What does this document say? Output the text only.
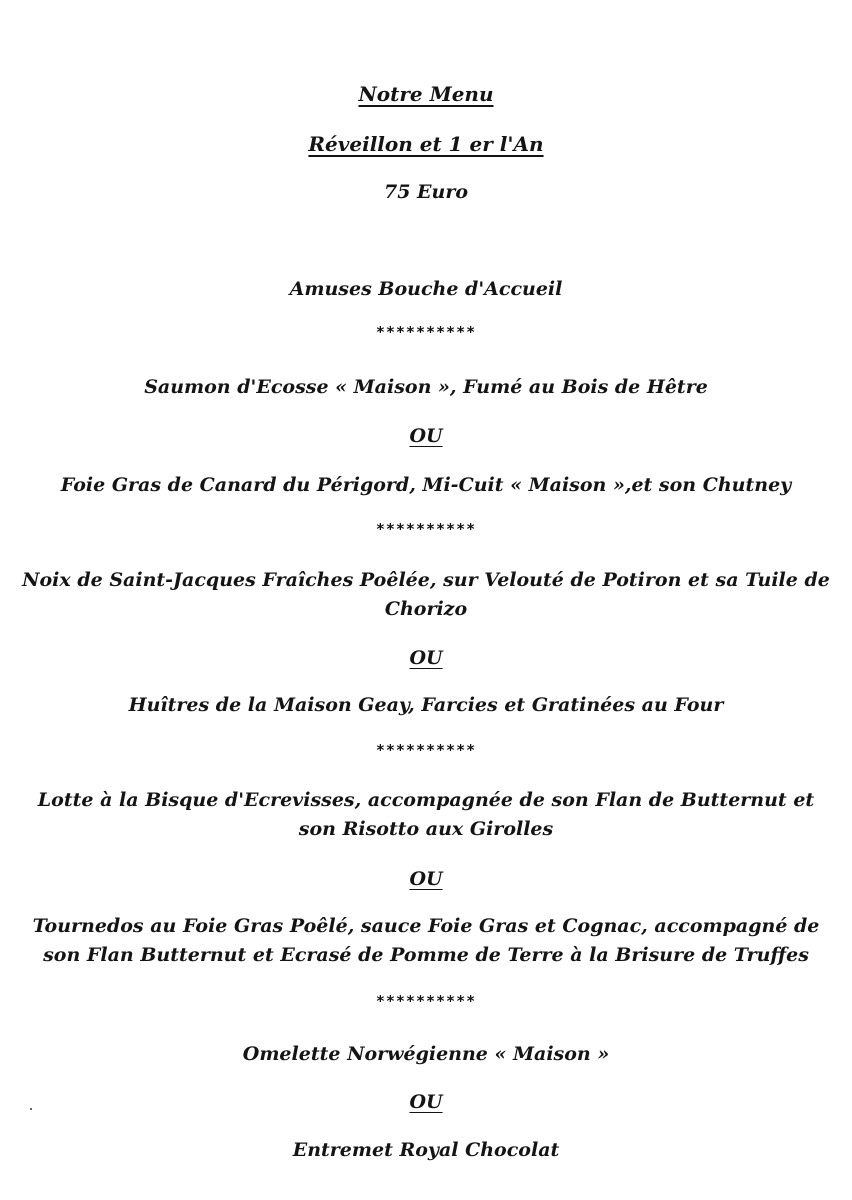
Notre Menu
Réveillon et 1 er l'An
75 Euro
Amuses Bouche d'Accueil
**********
Saumon d'Ecosse « Maison », Fumé au Bois de Hêtre
OU
Foie Gras de Canard du Périgord, Mi-Cuit « Maison »,et son Chutney
**********
Noix de Saint-Jacques Fraîches Poêlée, sur Velouté de Potiron et sa Tuile de Chorizo
OU
Huîtres de la Maison Geay, Farcies et Gratinées au Four
**********
Lotte à la Bisque d'Ecrevisses, accompagnée de son Flan de Butternut et son Risotto aux Girolles
OU
Tournedos au Foie Gras Poêlé, sauce Foie Gras et Cognac, accompagné de son Flan Butternut et Ecrasé de Pomme de Terre à la Brisure de Truffes
**********
Omelette Norwégienne « Maison »
OU
Entremet Royal Chocolat
